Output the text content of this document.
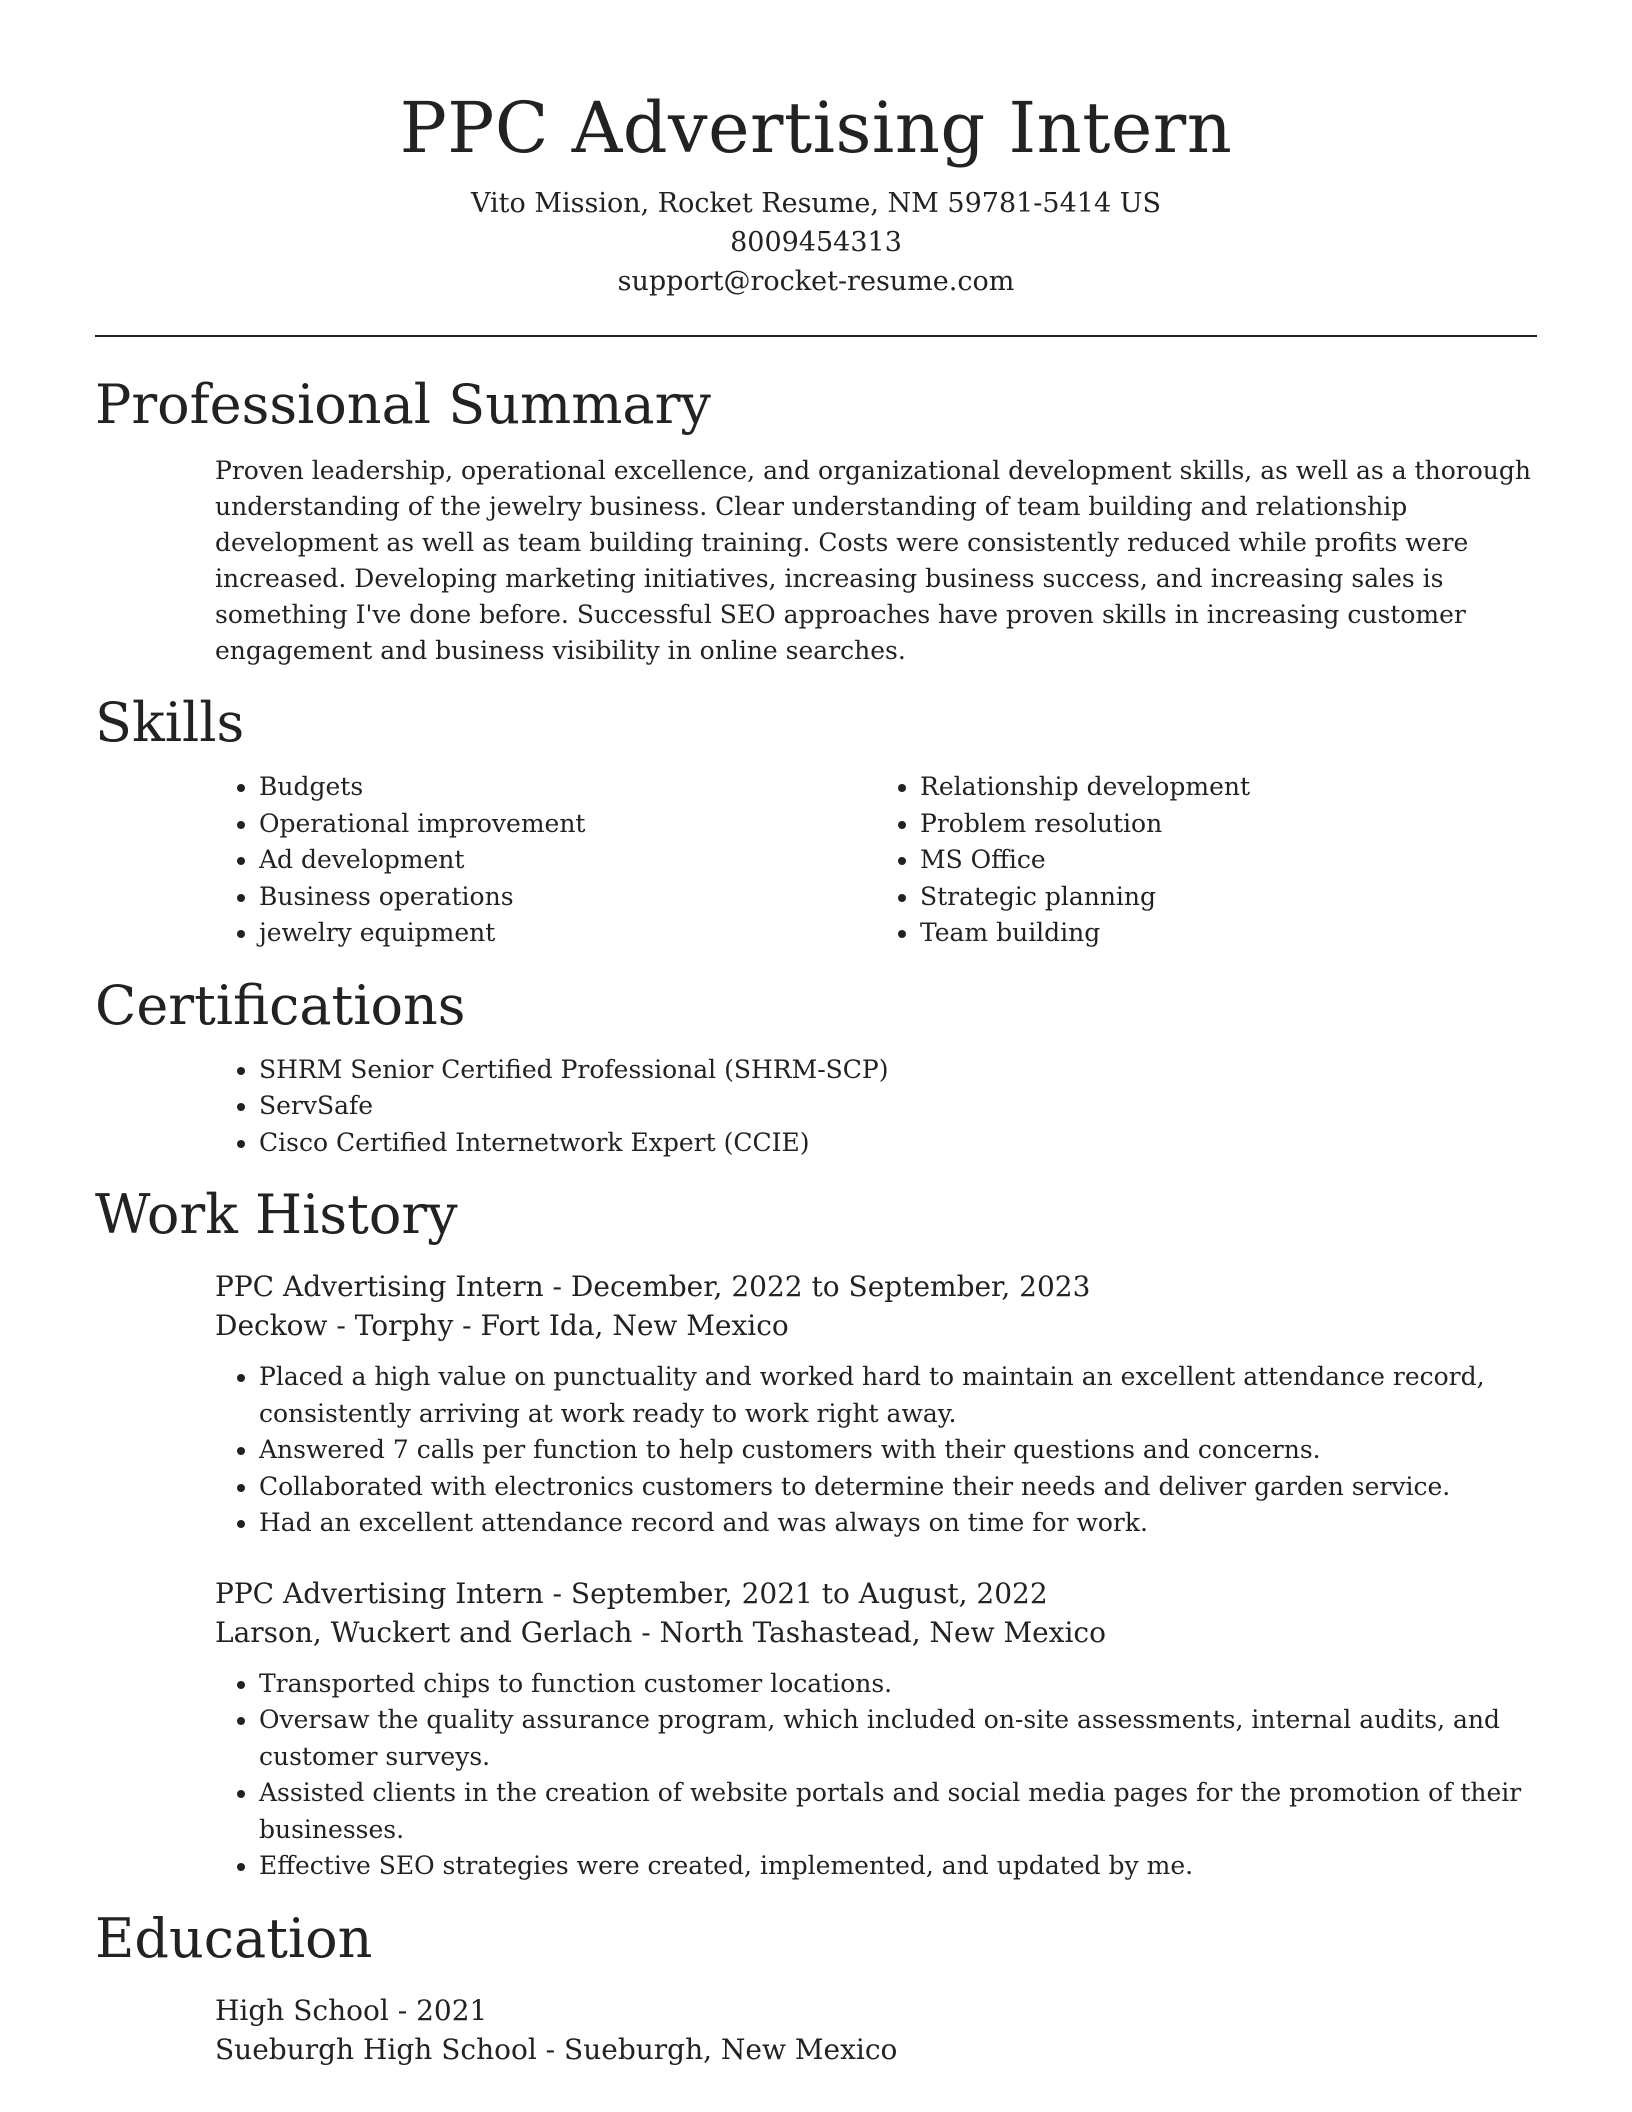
PPC Advertising Intern
Vito Mission, Rocket Resume, NM 59781-5414 US
8009454313
support@rocket-resume.com
Professional Summary
Proven leadership, operational excellence, and organizational development skills, as well as a thorough understanding of the jewelry business. Clear understanding of team building and relationship development as well as team building training. Costs were consistently reduced while profits were increased. Developing marketing initiatives, increasing business success, and increasing sales is something I've done before. Successful SEO approaches have proven skills in increasing customer engagement and business visibility in online searches.
Skills
• Budgets
• Operational improvement
• Ad development
• Business operations
• jewelry equipment
• Relationship development
• Problem resolution
• MS Office
• Strategic planning
• Team building
Certifications
• SHRM Senior Certified Professional (SHRM-SCP)
• ServSafe
• Cisco Certified Internetwork Expert (CCIE)
Work History
PPC Advertising Intern - December, 2022 to September, 2023
Deckow - Torphy - Fort Ida, New Mexico
• Placed a high value on punctuality and worked hard to maintain an excellent attendance record, consistently arriving at work ready to work right away.
• Answered 7 calls per function to help customers with their questions and concerns.
• Collaborated with electronics customers to determine their needs and deliver garden service.
• Had an excellent attendance record and was always on time for work.
PPC Advertising Intern - September, 2021 to August, 2022
Larson, Wuckert and Gerlach - North Tashastead, New Mexico
• Transported chips to function customer locations.
• Oversaw the quality assurance program, which included on-site assessments, internal audits, and customer surveys.
• Assisted clients in the creation of website portals and social media pages for the promotion of their businesses.
• Effective SEO strategies were created, implemented, and updated by me.
Education
High School - 2021
Sueburgh High School - Sueburgh, New Mexico
